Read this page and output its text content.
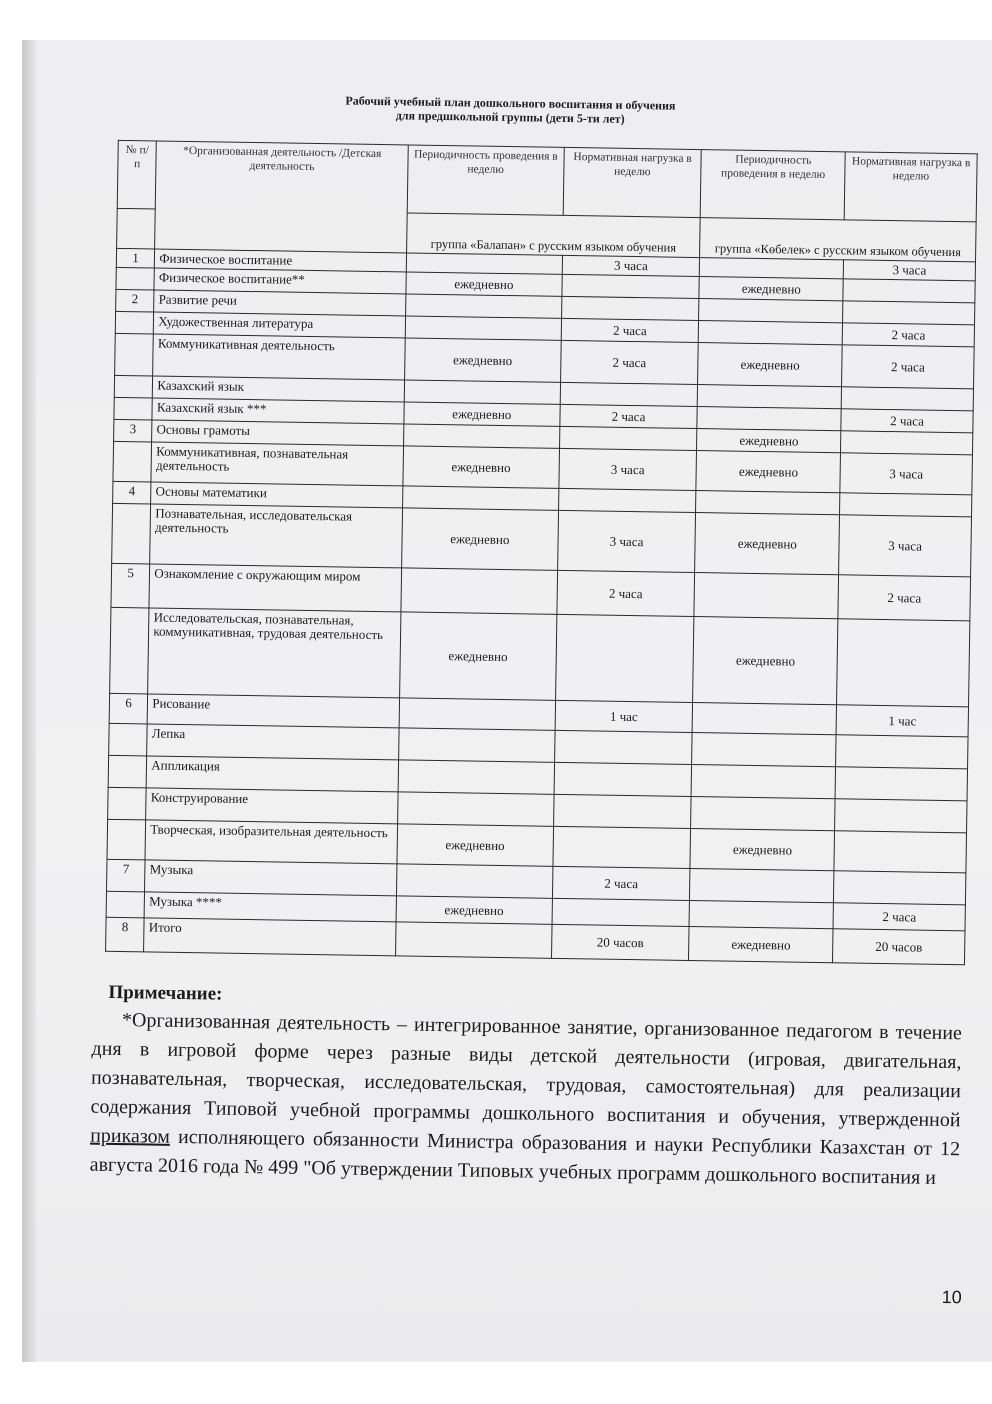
Рабочий учебный план дошкольного воспитания и обучения
для предшкольной группы (дети 5-ти лет)
№ п/п	*Организованная деятельность /Детская деятельность	Периодичность проведения в неделю	Нормативная нагрузка в неделю	Периодичность проведения в неделю	Нормативная нагрузка в неделю
		группа «Балапан» с русским языком обучения		группа «Көбелек» с русским языком обучения	
1	Физическое воспитание		3 часа		3 часа
	Физическое воспитание**	ежедневно		ежедневно	
2	Развитие речи				
	Художественная литература		2 часа		2 часа
	Коммуникативная деятельность	ежедневно	2 часа	ежедневно	2 часа
	Казахский язык				
	Казахский язык ***	ежедневно	2 часа		2 часа
3	Основы грамоты			ежедневно	
	Коммуникативная, познавательная деятельность	ежедневно	3 часа	ежедневно	3 часа
4	Основы математики				
	Познавательная, исследовательская деятельность	ежедневно	3 часа	ежедневно	3 часа
5	Ознакомление с окружающим миром		2 часа		2 часа
	Исследовательская, познавательная, коммуникативная, трудовая деятельность	ежедневно		ежедневно	
6	Рисование		1 час		1 час
	Лепка				
	Аппликация				
	Конструирование				
	Творческая, изобразительная деятельность	ежедневно		ежедневно	
7	Музыка		2 часа		
	Музыка ****	ежедневно			2 часа
8	Итого		20 часов	ежедневно	20 часов
Примечание:

*Организованная деятельность – интегрированное занятие, организованное педагогом в течение дня в игровой форме через разные виды детской деятельности (игровая, двигательная, познавательная, творческая, исследовательская, трудовая, самостоятельная) для реализации содержания Типовой учебной программы дошкольного воспитания и обучения, утвержденной приказом исполняющего обязанности Министра образования и науки Республики Казахстан от 12 августа 2016 года № 499 "Об утверждении Типовых учебных программ дошкольного воспитания и

10
